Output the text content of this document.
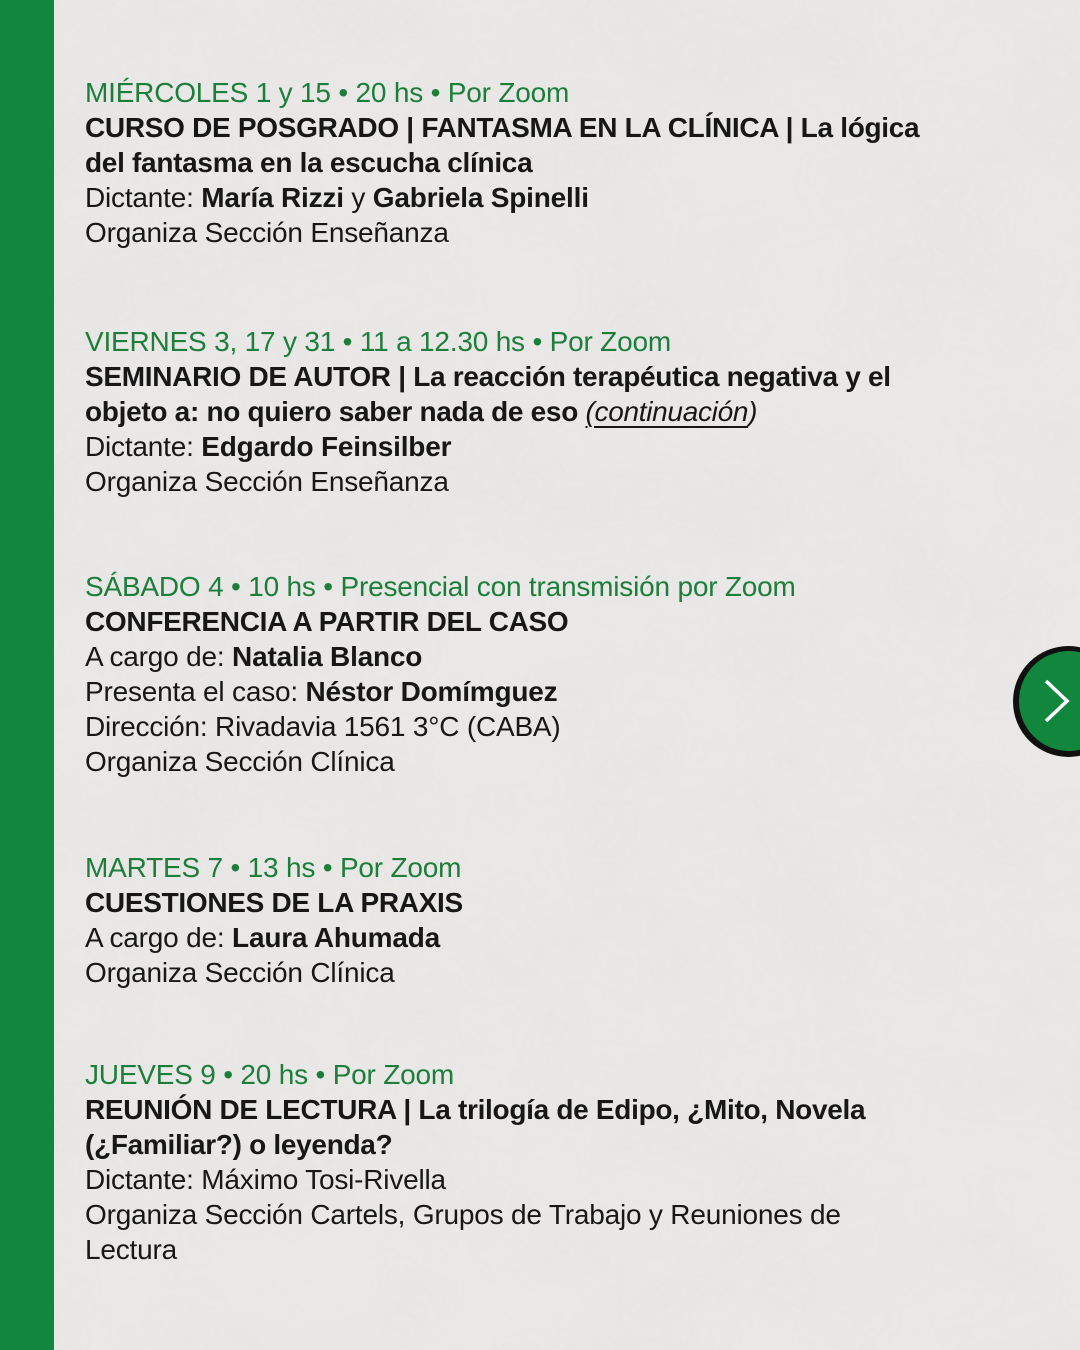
MIÉRCOLES 1 y 15 • 20 hs • Por Zoom
CURSO DE POSGRADO | FANTASMA EN LA CLÍNICA | La lógica
del fantasma en la escucha clínica
Dictante: María Rizzi y Gabriela Spinelli
Organiza Sección Enseñanza
VIERNES 3, 17 y 31 • 11 a 12.30 hs • Por Zoom
SEMINARIO DE AUTOR | La reacción terapéutica negativa y el
objeto a: no quiero saber nada de eso (continuación)
Dictante: Edgardo Feinsilber
Organiza Sección Enseñanza
SÁBADO 4 • 10 hs • Presencial con transmisión por Zoom
CONFERENCIA A PARTIR DEL CASO
A cargo de: Natalia Blanco
Presenta el caso: Néstor Domímguez
Dirección: Rivadavia 1561 3°C (CABA)
Organiza Sección Clínica
MARTES 7 • 13 hs • Por Zoom
CUESTIONES DE LA PRAXIS
A cargo de: Laura Ahumada
Organiza Sección Clínica
JUEVES 9 • 20 hs • Por Zoom
REUNIÓN DE LECTURA | La trilogía de Edipo, ¿Mito, Novela
(¿Familiar?) o leyenda?
Dictante: Máximo Tosi-Rivella
Organiza Sección Cartels, Grupos de Trabajo y Reuniones de
Lectura
